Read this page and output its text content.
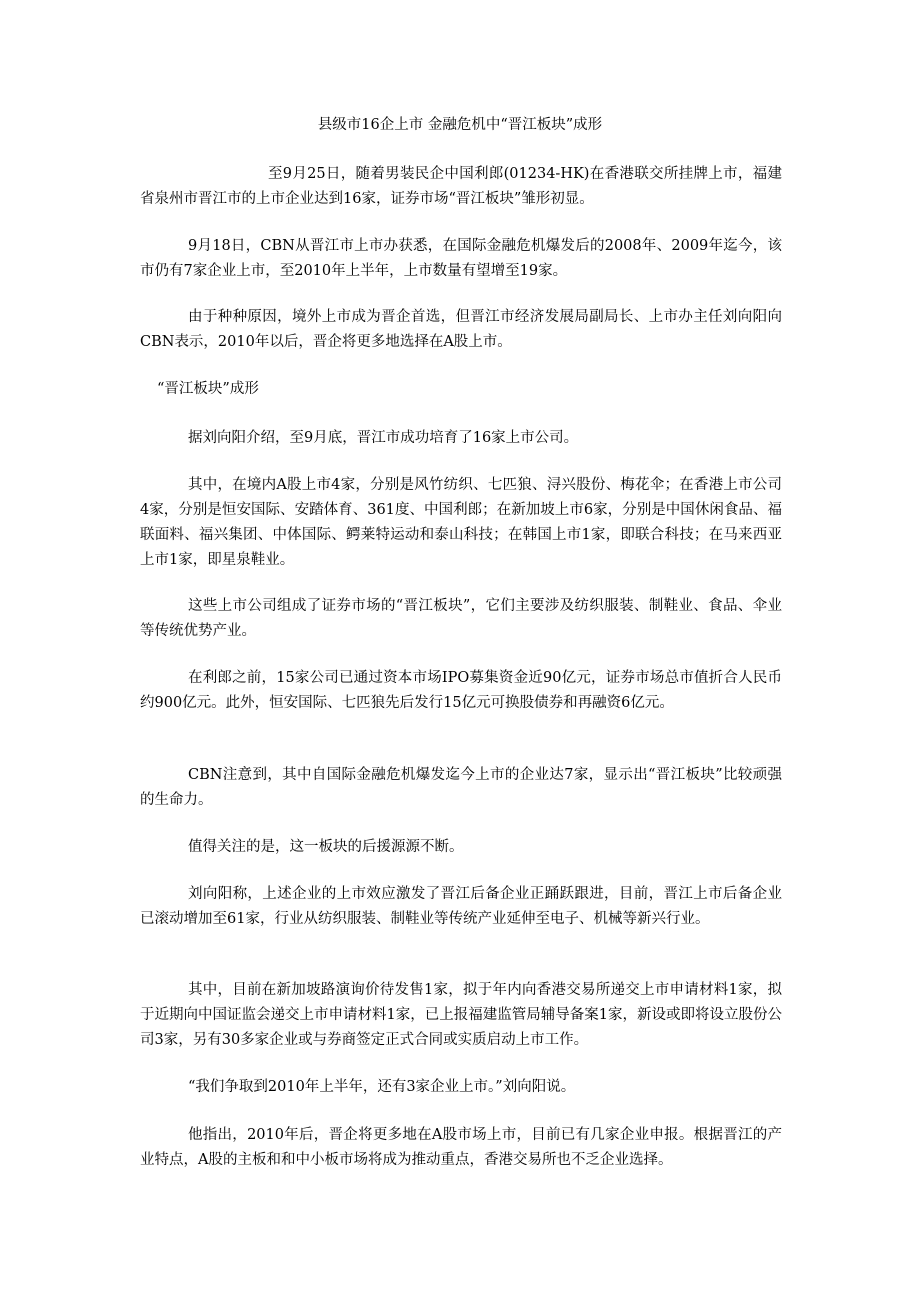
县级市16企上市 金融危机中“晋江板块”成形

至9月25日，随着男装民企中国利郎(01234-HK)在香港联交所挂牌上市，福建省泉州市晋江市的上市企业达到16家，证券市场“晋江板块”雏形初显。

9月18日，CBN从晋江市上市办获悉，在国际金融危机爆发后的2008年、2009年迄今，该市仍有7家企业上市，至2010年上半年，上市数量有望增至19家。

由于种种原因，境外上市成为晋企首选，但晋江市经济发展局副局长、上市办主任刘向阳向CBN表示，2010年以后，晋企将更多地选择在A股上市。

“晋江板块”成形

据刘向阳介绍，至9月底，晋江市成功培育了16家上市公司。

其中，在境内A股上市4家，分别是风竹纺织、七匹狼、浔兴股份、梅花伞；在香港上市公司4家，分别是恒安国际、安踏体育、361度、中国利郎；在新加坡上市6家，分别是中国休闲食品、福联面料、福兴集团、中体国际、鳄莱特运动和泰山科技；在韩国上市1家，即联合科技；在马来西亚上市1家，即星泉鞋业。

这些上市公司组成了证券市场的“晋江板块”，它们主要涉及纺织服装、制鞋业、食品、伞业等传统优势产业。

在利郎之前，15家公司已通过资本市场IPO募集资金近90亿元，证券市场总市值折合人民币约900亿元。此外，恒安国际、七匹狼先后发行15亿元可换股债券和再融资6亿元。

CBN注意到，其中自国际金融危机爆发迄今上市的企业达7家，显示出“晋江板块”比较顽强的生命力。

值得关注的是，这一板块的后援源源不断。

刘向阳称，上述企业的上市效应激发了晋江后备企业正踊跃跟进，目前，晋江上市后备企业已滚动增加至61家，行业从纺织服装、制鞋业等传统产业延伸至电子、机械等新兴行业。

其中，目前在新加坡路演询价待发售1家，拟于年内向香港交易所递交上市申请材料1家，拟于近期向中国证监会递交上市申请材料1家，已上报福建监管局辅导备案1家，新设或即将设立股份公司3家，另有30多家企业或与券商签定正式合同或实质启动上市工作。

“我们争取到2010年上半年，还有3家企业上市。”刘向阳说。

他指出，2010年后，晋企将更多地在A股市场上市，目前已有几家企业申报。根据晋江的产业特点，A股的主板和和中小板市场将成为推动重点，香港交易所也不乏企业选择。
